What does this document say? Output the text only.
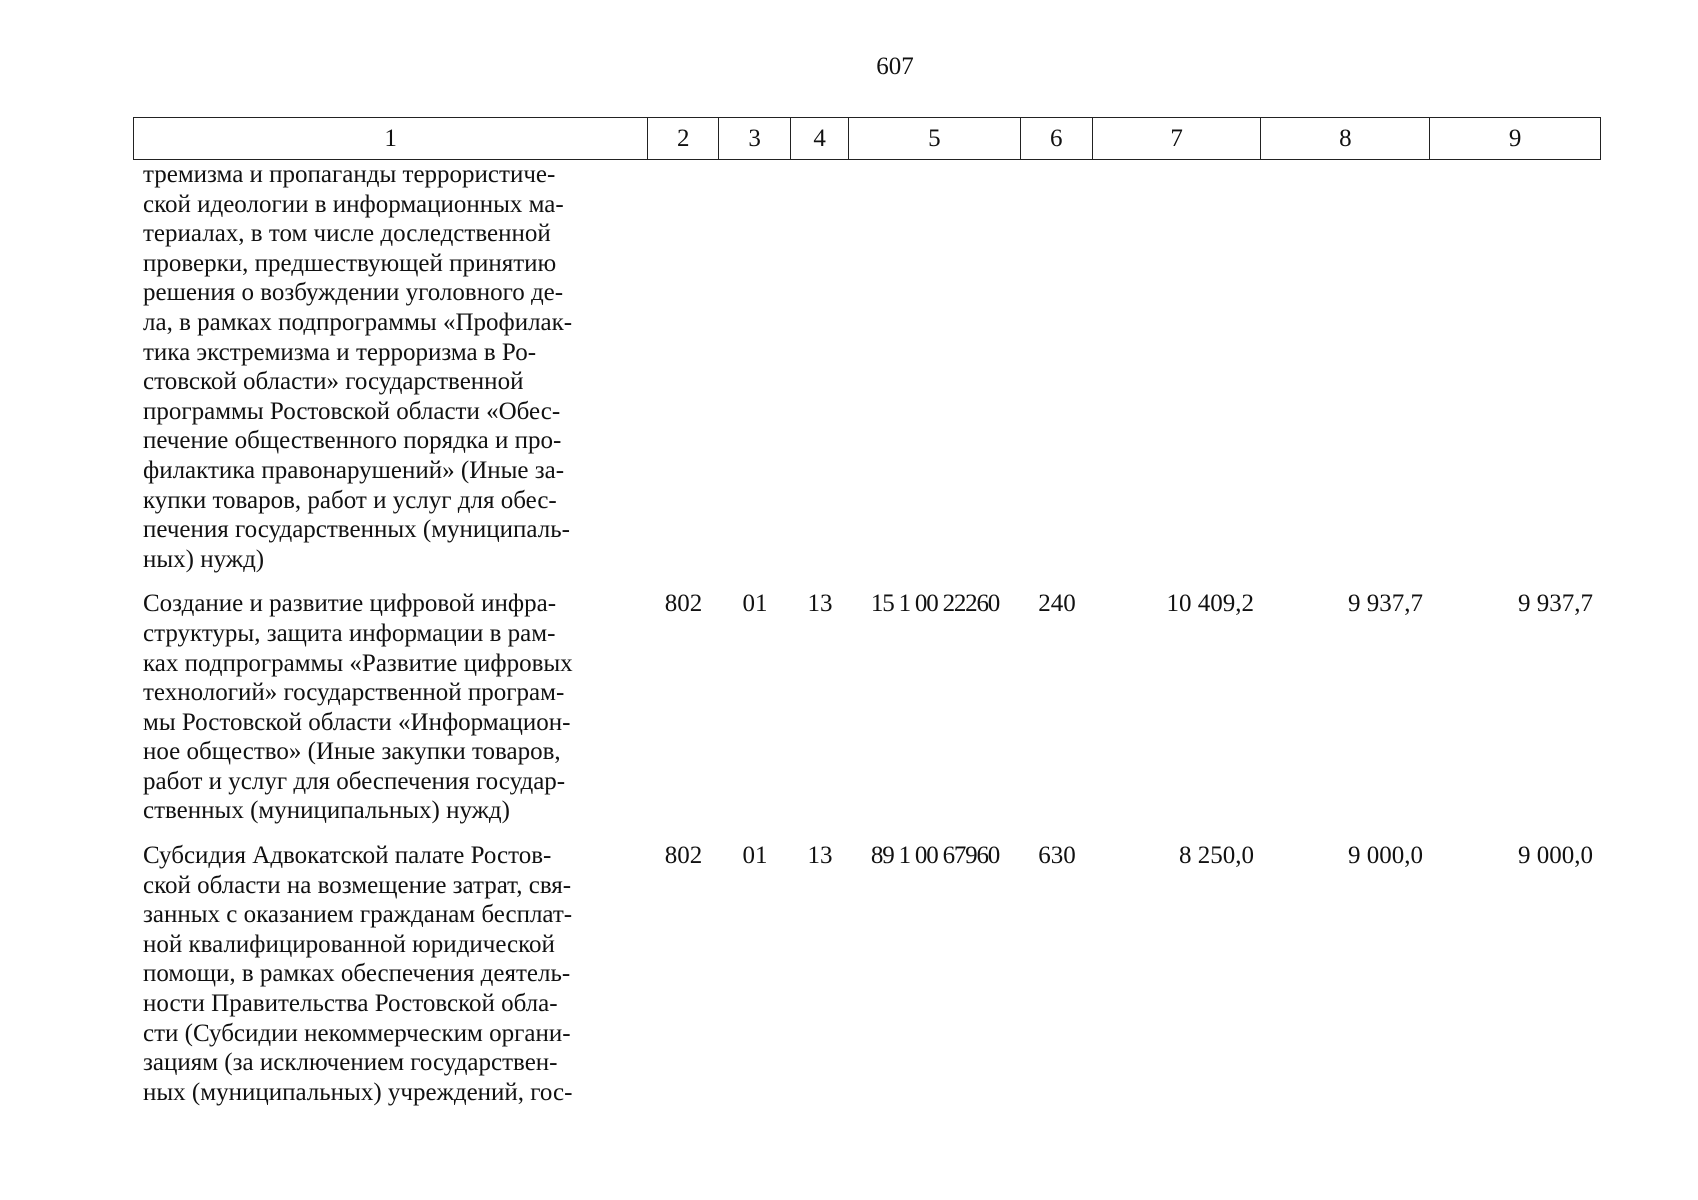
607
1	2	3	4	5	6	7	8	9
тремизма и пропаганды террористиче-
ской идеологии в информационных ма-
териалах, в том числе доследственной
проверки, предшествующей принятию
решения о возбуждении уголовного де-
ла, в рамках подпрограммы «Профилак-
тика экстремизма и терроризма в Ро-
стовской области» государственной
программы Ростовской области «Обес-
печение общественного порядка и про-
филактика правонарушений» (Иные за-
купки товаров, работ и услуг для обес-
печения государственных (муниципаль-
ных) нужд)
Создание и развитие цифровой инфра-
структуры, защита информации в рам-
ках подпрограммы «Развитие цифровых
технологий» государственной програм-
мы Ростовской области «Информацион-
ное общество» (Иные закупки товаров,
работ и услуг для обеспечения государ-
ственных (муниципальных) нужд)
802	01	13	15 1 00 22260	240	10 409,2	9 937,7	9 937,7
Субсидия Адвокатской палате Ростов-
ской области на возмещение затрат, свя-
занных с оказанием гражданам бесплат-
ной квалифицированной юридической
помощи, в рамках обеспечения деятель-
ности Правительства Ростовской обла-
сти (Субсидии некоммерческим органи-
зациям (за исключением государствен-
ных (муниципальных) учреждений, гос-
802	01	13	89 1 00 67960	630	8 250,0	9 000,0	9 000,0
